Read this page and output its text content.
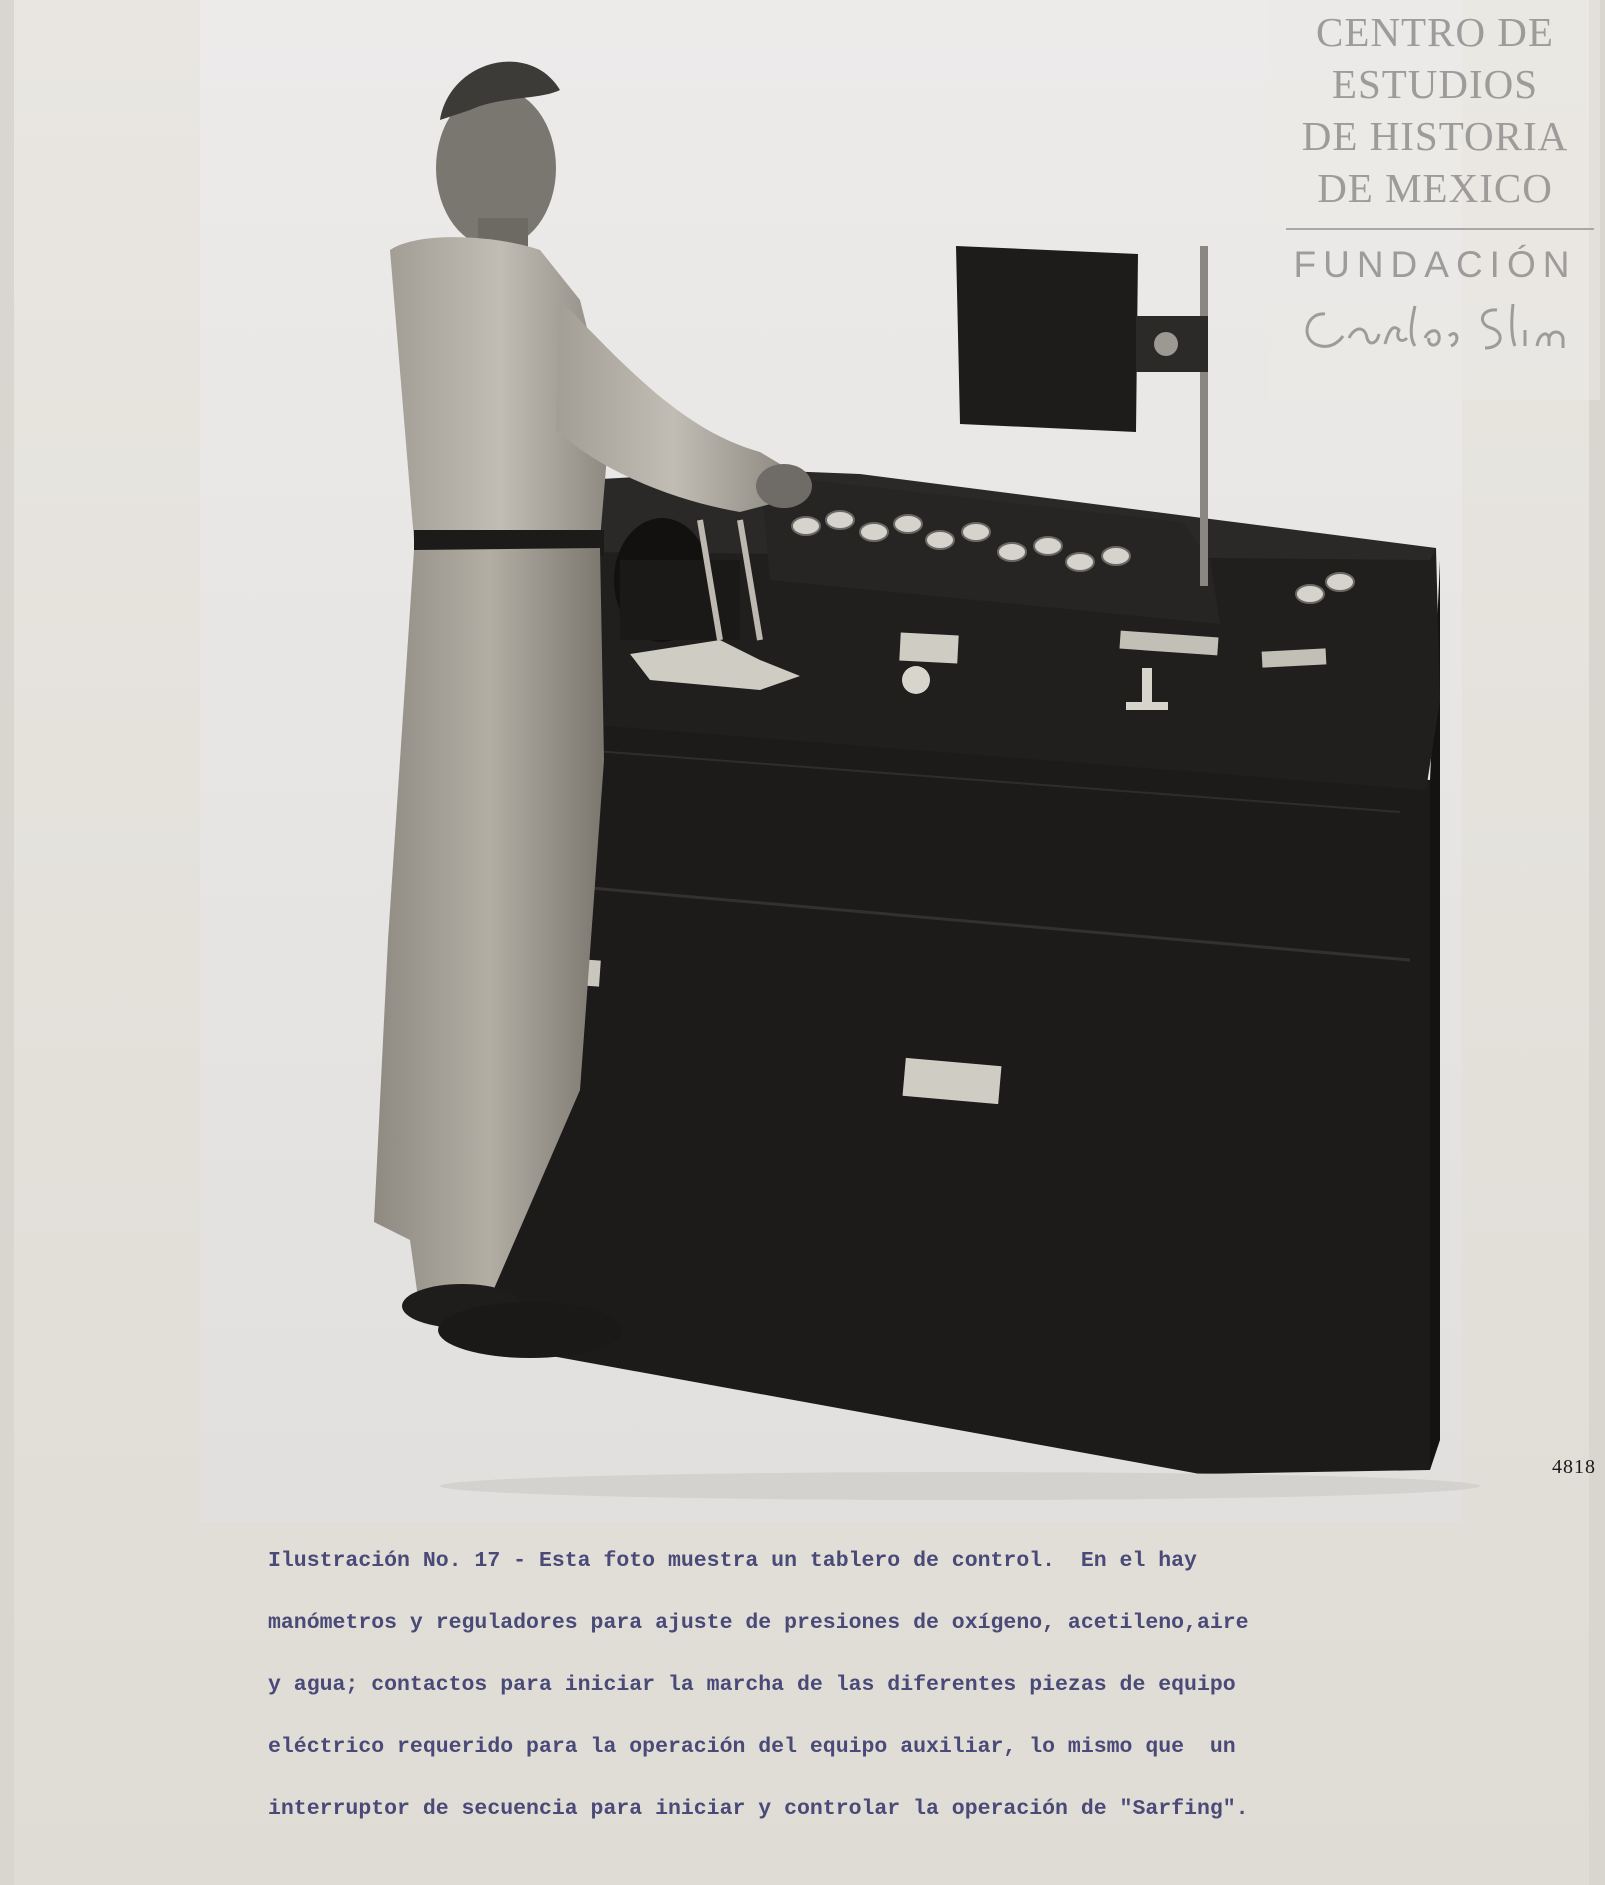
4818
Ilustración No. 17 - Esta foto muestra un tablero de control.  En el hay
manómetros y reguladores para ajuste de presiones de oxígeno, acetileno,aire
y agua; contactos para iniciar la marcha de las diferentes piezas de equipo
eléctrico requerido para la operación del equipo auxiliar, lo mismo que  un
interruptor de secuencia para iniciar y controlar la operación de "Sarfing".
CENTRO DE
ESTUDIOS
DE HISTORIA
DE MEXICO
FUNDACIÓN
